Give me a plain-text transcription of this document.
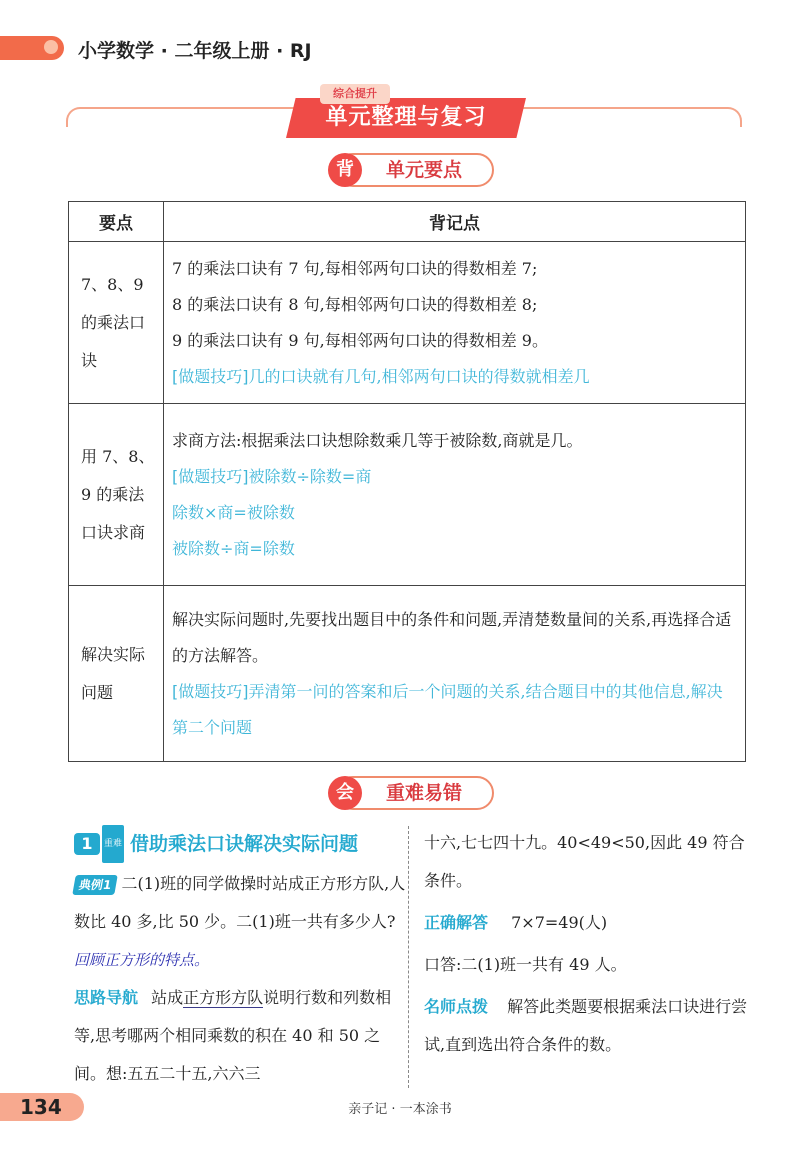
小学数学 · 二年级上册 · RJ
综合提升
单元整理与复习
背	单元要点
要点	背记点
7、8、9 的乘法口诀	7 的乘法口诀有 7 句,每相邻两句口诀的得数相差 7;
8 的乘法口诀有 8 句,每相邻两句口诀的得数相差 8;
9 的乘法口诀有 9 句,每相邻两句口诀的得数相差 9。
[做题技巧]几的口诀就有几句,相邻两句口诀的得数就相差几

用 7、8、9 的乘法口诀求商	求商方法:根据乘法口诀想除数乘几等于被除数,商就是几。
[做题技巧]被除数÷除数=商
除数×商=被除数
被除数÷商=除数

解决实际问题	解决实际问题时,先要找出题目中的条件和问题,弄清楚数量间的关系,再选择合适的方法解答。
[做题技巧]弄清第一问的答案和后一个问题的关系,结合题目中的其他信息,解决第二个问题
会	重难易错
1 重难 借助乘法口诀解决实际问题
典例1 二(1)班的同学做操时站成正方形方队,人数比 40 多,比 50 少。二(1)班一共有多少人? 回顾正方形的特点。
思路导航 站成正方形方队说明行数和列数相等,思考哪两个相同乘数的积在 40 和 50 之间。想:五五二十五,六六三
十六,七七四十九。40<49<50,因此 49 符合条件。
正确解答 7×7=49(人)
口答:二(1)班一共有 49 人。
名师点拨 解答此类题要根据乘法口诀进行尝试,直到选出符合条件的数。
134	亲子记 · 一本涂书
